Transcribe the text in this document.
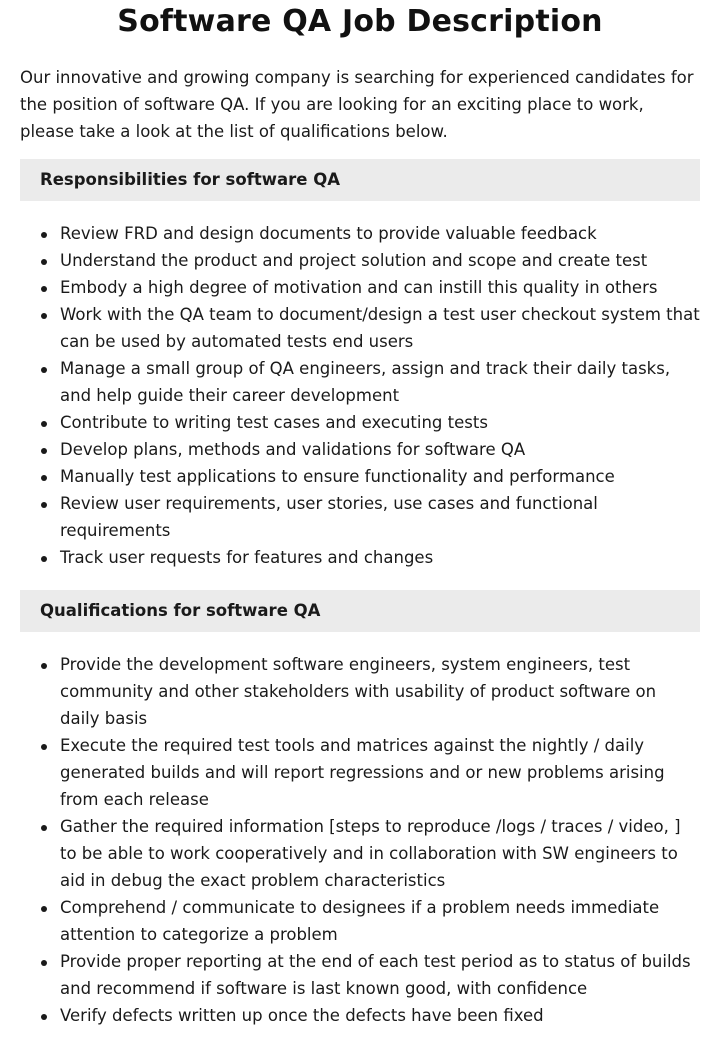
Software QA Job Description

Our innovative and growing company is searching for experienced candidates for the position of software QA. If you are looking for an exciting place to work, please take a look at the list of qualifications below.

Responsibilities for software QA
Review FRD and design documents to provide valuable feedback
Understand the product and project solution and scope and create test
Embody a high degree of motivation and can instill this quality in others
Work with the QA team to document/design a test user checkout system that can be used by automated tests end users
Manage a small group of QA engineers, assign and track their daily tasks, and help guide their career development
Contribute to writing test cases and executing tests
Develop plans, methods and validations for software QA
Manually test applications to ensure functionality and performance
Review user requirements, user stories, use cases and functional requirements
Track user requests for features and changes
Qualifications for software QA
Provide the development software engineers, system engineers, test community and other stakeholders with usability of product software on daily basis
Execute the required test tools and matrices against the nightly / daily generated builds and will report regressions and or new problems arising from each release
Gather the required information [steps to reproduce /logs / traces / video, ] to be able to work cooperatively and in collaboration with SW engineers to aid in debug the exact problem characteristics
Comprehend / communicate to designees if a problem needs immediate attention to categorize a problem
Provide proper reporting at the end of each test period as to status of builds and recommend if software is last known good, with confidence
Verify defects written up once the defects have been fixed
